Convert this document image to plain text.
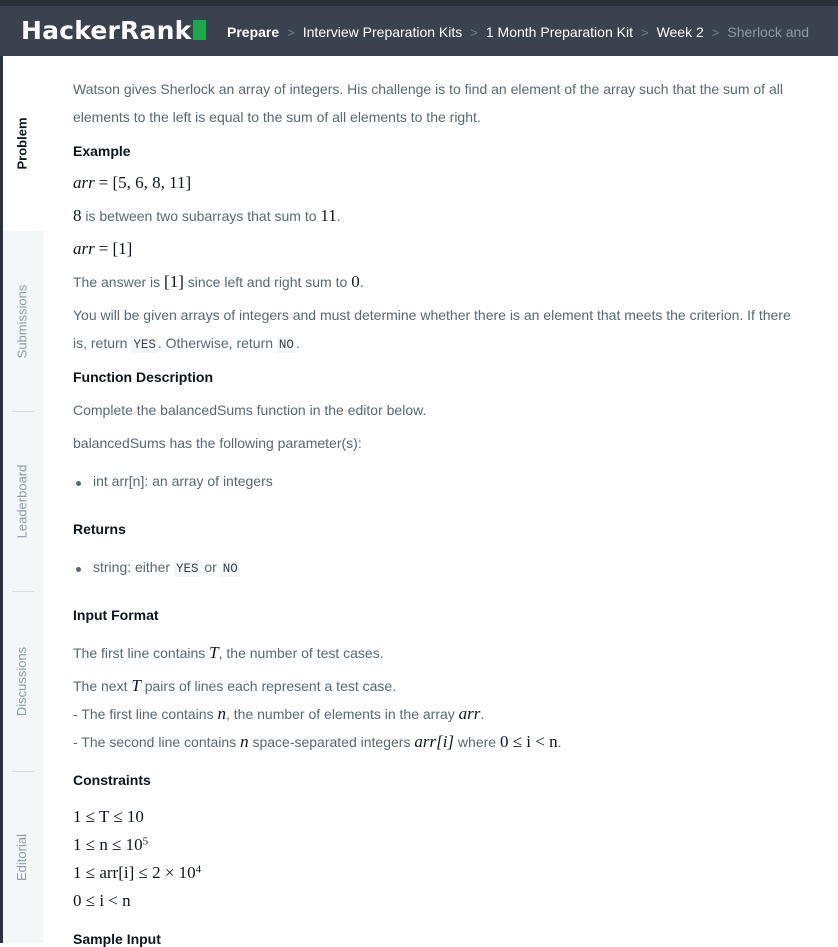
HackerRank	Prepare > Interview Preparation Kits > 1 Month Preparation Kit > Week 2 > Sherlock and
Problem
Submissions
Leaderboard
Discussions
Editorial
Watson gives Sherlock an array of integers. His challenge is to find an element of the array such that the sum of all elements to the left is equal to the sum of all elements to the right.
Example
arr = [5, 6, 8, 11]
8 is between two subarrays that sum to 11.
arr = [1]
The answer is [1] since left and right sum to 0.
You will be given arrays of integers and must determine whether there is an element that meets the criterion. If there is, return YES . Otherwise, return NO .
Function Description
Complete the balancedSums function in the editor below.
balancedSums has the following parameter(s):
int arr[n]: an array of integers
Returns
string: either YES or NO
Input Format
The first line contains T, the number of test cases.
The next T pairs of lines each represent a test case.
- The first line contains n, the number of elements in the array arr.
- The second line contains n space-separated integers arr[i] where 0 ≤ i < n.
Constraints
1 ≤ T ≤ 10
$1 \le n \le 10^5$
$1 \le arr[i] \le 2 \times 10^4$
0 ≤ i < n
Sample Input
